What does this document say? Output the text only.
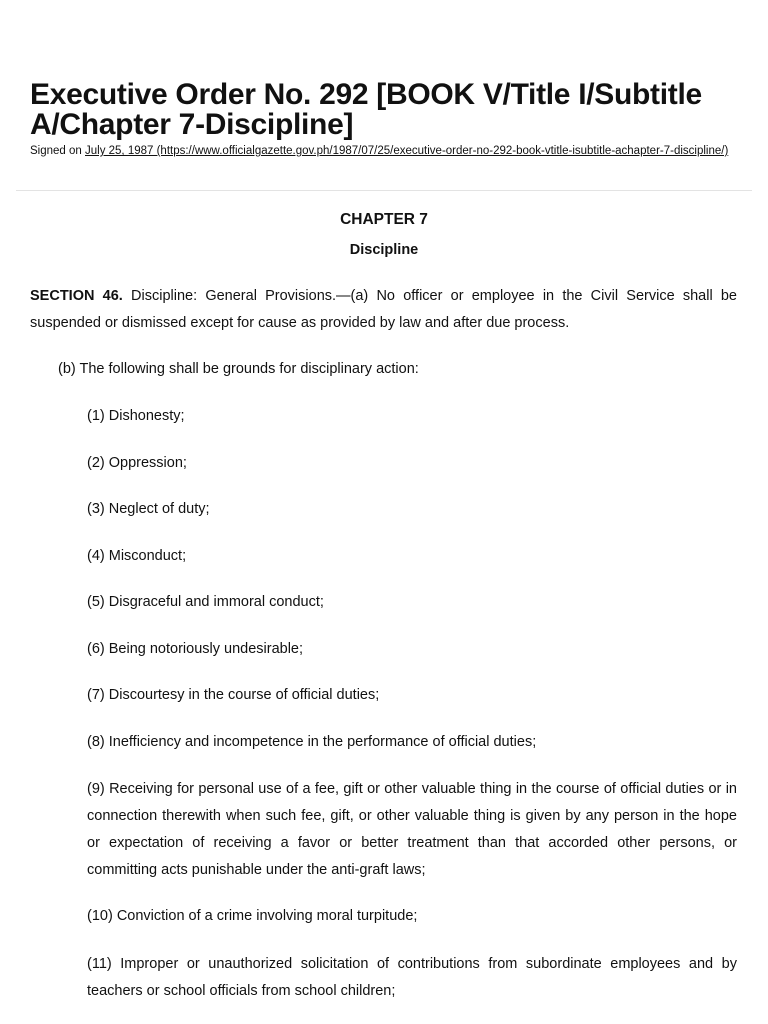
Executive Order No. 292 [BOOK V/Title I/Subtitle A/Chapter 7-Discipline]
Signed on July 25, 1987 (https://www.officialgazette.gov.ph/1987/07/25/executive-order-no-292-book-vtitle-isubtitle-achapter-7-discipline/)
CHAPTER 7
Discipline

SECTION 46. Discipline: General Provisions.—(a) No officer or employee in the Civil Service shall be suspended or dismissed except for cause as provided by law and after due process.

(b) The following shall be grounds for disciplinary action:

(1) Dishonesty;

(2) Oppression;

(3) Neglect of duty;

(4) Misconduct;

(5) Disgraceful and immoral conduct;

(6) Being notoriously undesirable;

(7) Discourtesy in the course of official duties;

(8) Inefficiency and incompetence in the performance of official duties;

(9) Receiving for personal use of a fee, gift or other valuable thing in the course of official duties or in connection therewith when such fee, gift, or other valuable thing is given by any person in the hope or expectation of receiving a favor or better treatment than that accorded other persons, or committing acts punishable under the anti-graft laws;

(10) Conviction of a crime involving moral turpitude;

(11) Improper or unauthorized solicitation of contributions from subordinate employees and by teachers or school officials from school children;
